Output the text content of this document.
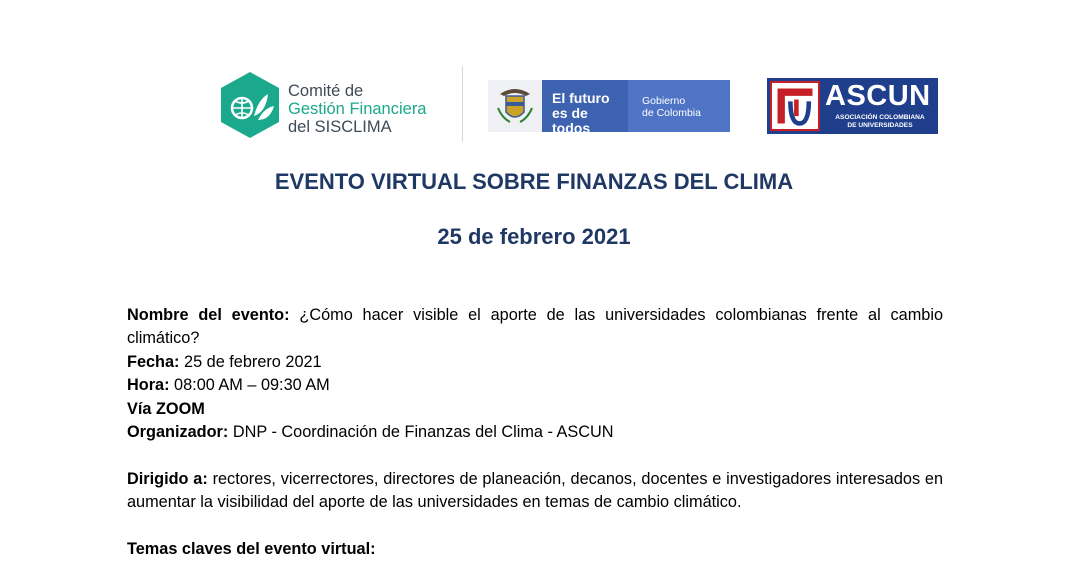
Comité de
Gestión Financiera
del SISCLIMA
El futuro
es de todos
Gobierno
de Colombia
ASCUN
ASOCIACIÓN COLOMBIANA
DE UNIVERSIDADES
EVENTO VIRTUAL SOBRE FINANZAS DEL CLIMA
25 de febrero 2021
Nombre del evento: ¿Cómo hacer visible el aporte de las universidades colombianas frente al cambio climático?
Fecha: 25 de febrero 2021
Hora: 08:00 AM – 09:30 AM
Vía ZOOM
Organizador: DNP - Coordinación de Finanzas del Clima - ASCUN
Dirigido a: rectores, vicerrectores, directores de planeación, decanos, docentes e investigadores interesados en aumentar la visibilidad del aporte de las universidades en temas de cambio climático.
Temas claves del evento virtual:
